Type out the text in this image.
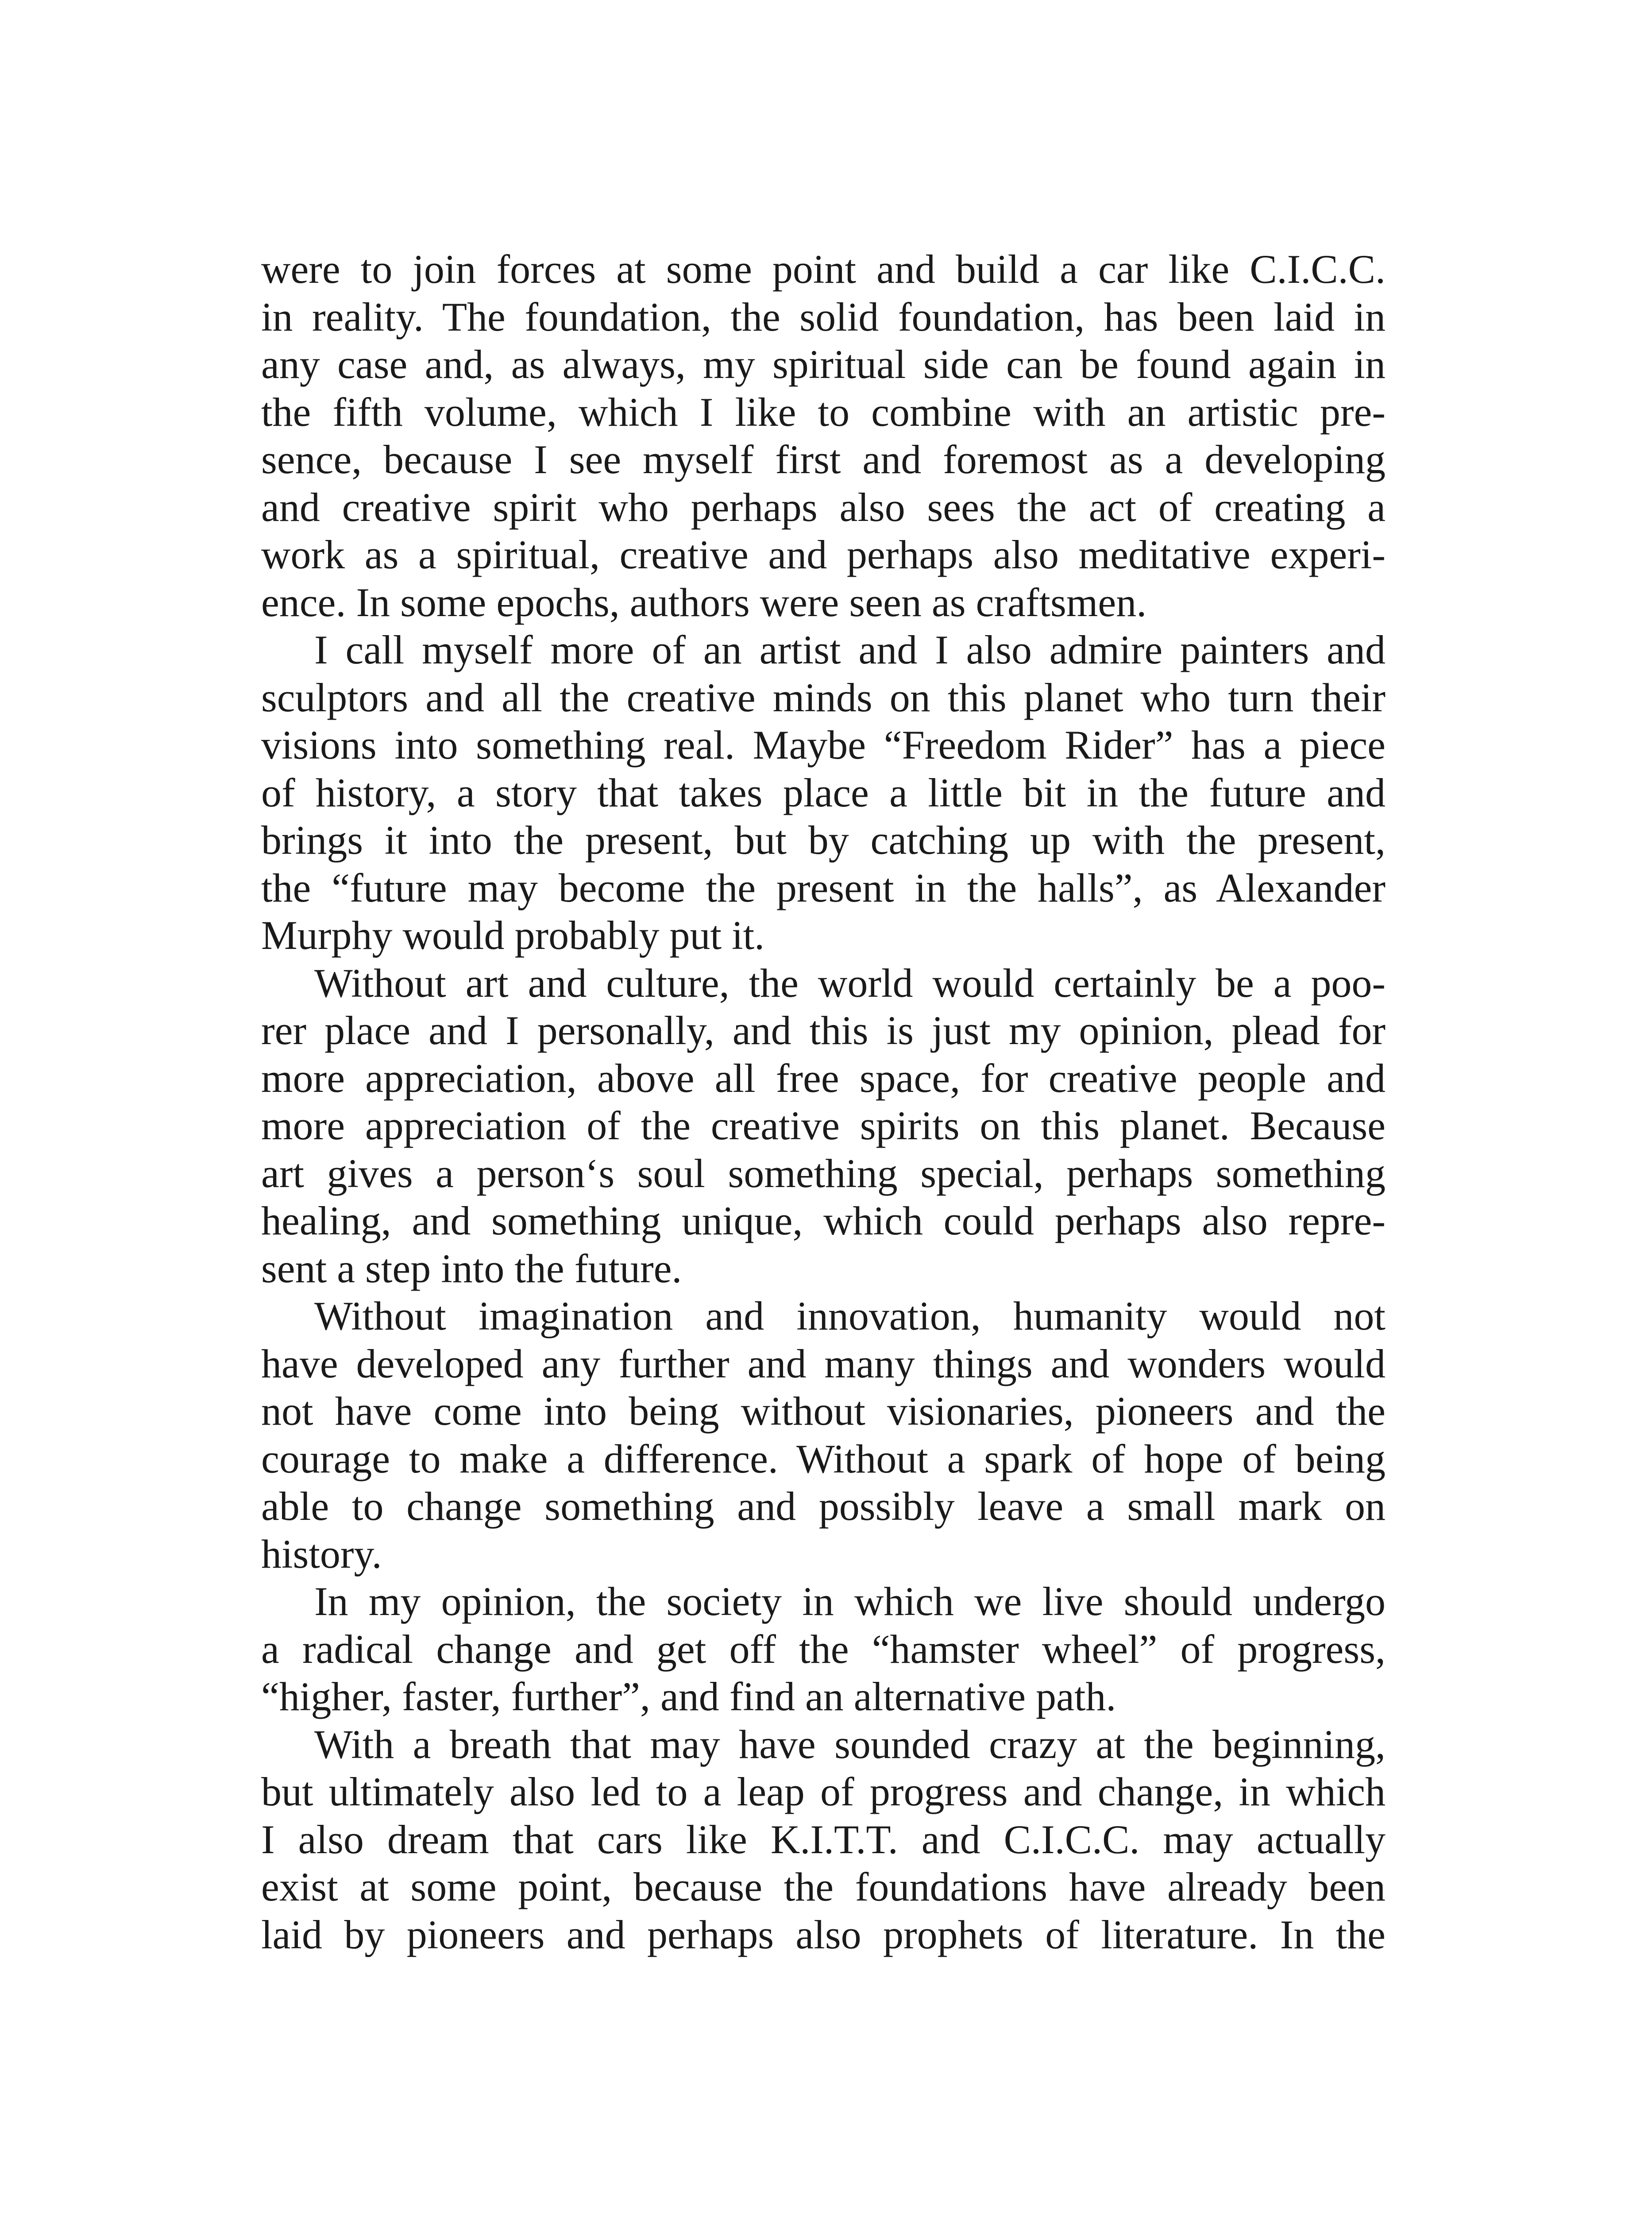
were to join forces at some point and build a car like C.I.C.C.
in reality. The foundation, the solid foundation, has been laid in
any case and, as always, my spiritual side can be found again in
the fifth volume, which I like to combine with an artistic pre-
sence, because I see myself first and foremost as a developing
and creative spirit who perhaps also sees the act of creating a
work as a spiritual, creative and perhaps also meditative experi-
ence. In some epochs, authors were seen as craftsmen.
I call myself more of an artist and I also admire painters and
sculptors and all the creative minds on this planet who turn their
visions into something real. Maybe “Freedom Rider” has a piece
of history, a story that takes place a little bit in the future and
brings it into the present, but by catching up with the present,
the “future may become the present in the halls”, as Alexander
Murphy would probably put it.
Without art and culture, the world would certainly be a poo-
rer place and I personally, and this is just my opinion, plead for
more appreciation, above all free space, for creative people and
more appreciation of the creative spirits on this planet. Because
art gives a person‘s soul something special, perhaps something
healing, and something unique, which could perhaps also repre-
sent a step into the future.
Without imagination and innovation, humanity would not
have developed any further and many things and wonders would
not have come into being without visionaries, pioneers and the
courage to make a difference. Without a spark of hope of being
able to change something and possibly leave a small mark on
history.
In my opinion, the society in which we live should undergo
a radical change and get off the “hamster wheel” of progress,
“higher, faster, further”, and find an alternative path.
With a breath that may have sounded crazy at the beginning,
but ultimately also led to a leap of progress and change, in which
I also dream that cars like K.I.T.T. and C.I.C.C. may actually
exist at some point, because the foundations have already been
laid by pioneers and perhaps also prophets of literature. In the
